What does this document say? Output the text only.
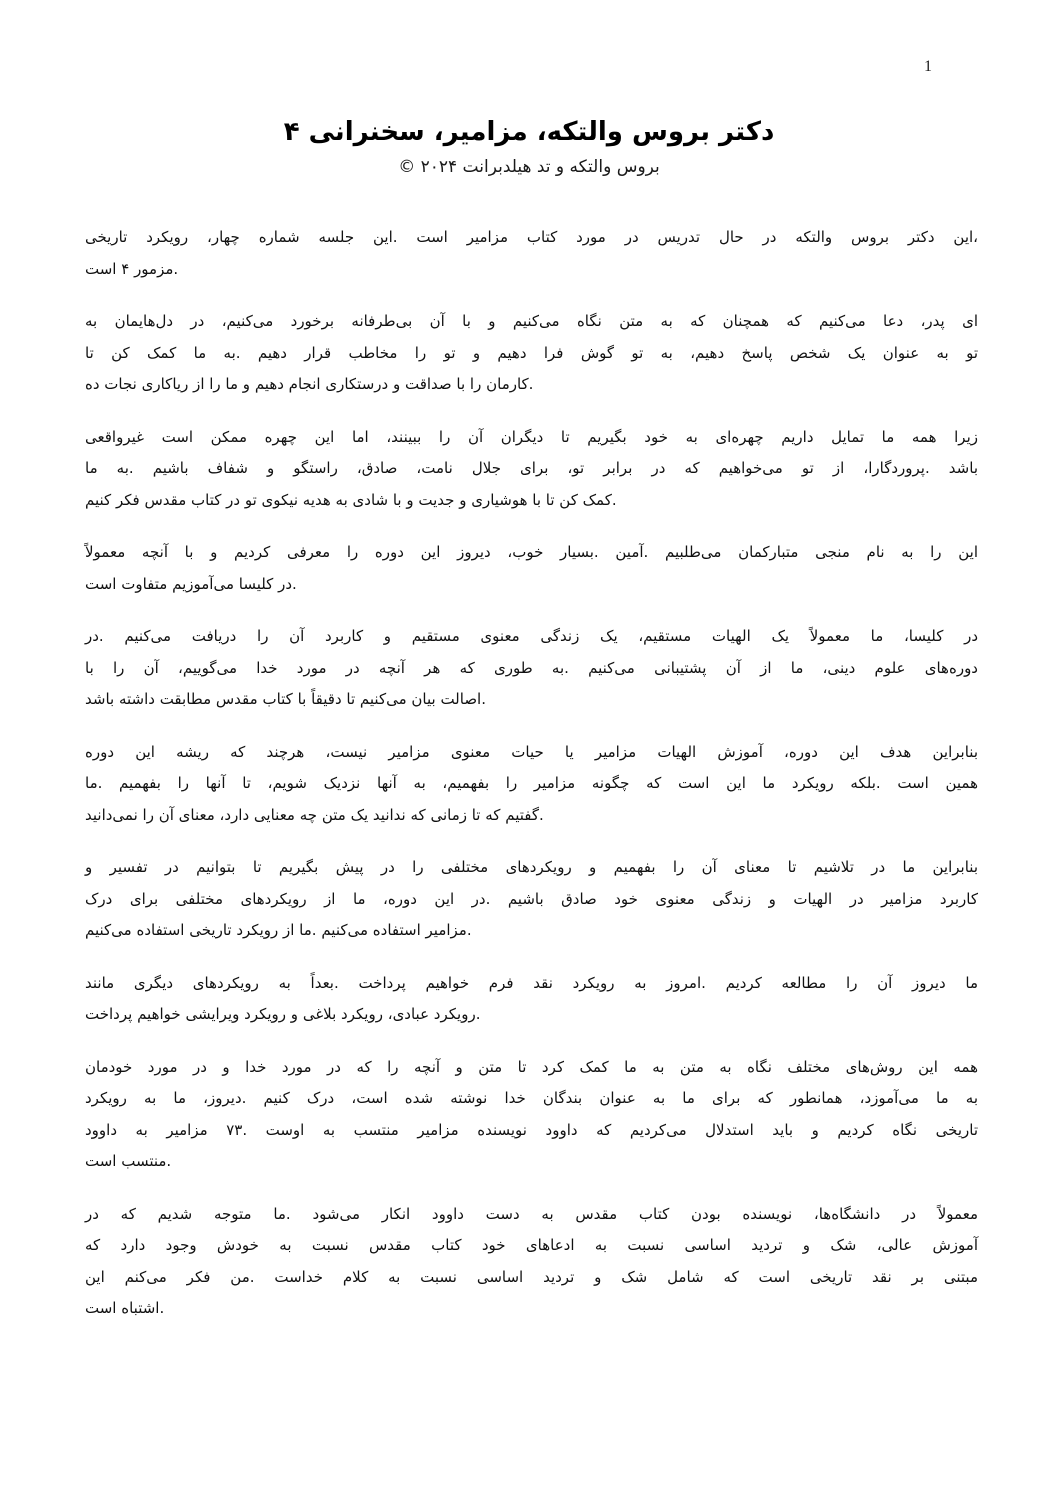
1
دکتر بروس والتکه، مزامیر، سخنرانی ۴

بروس والتکه و تد هیلدبرانت ۲۰۲۴ ©

،این دکتر بروس والتکه در حال تدریس در مورد کتاب مزامیر است .این جلسه شماره چهار، رویکرد تاریخی
.مزمور ۴ است
ای پدر، دعا می‌کنیم که همچنان که به متن نگاه می‌کنیم و با آن بی‌طرفانه برخورد می‌کنیم، در دل‌هایمان به
تو به عنوان یک شخص پاسخ دهیم، به تو گوش فرا دهیم و تو را مخاطب قرار دهیم .به ما کمک کن تا
.کارمان را با صداقت و درستکاری انجام دهیم و ما را از ریاکاری نجات ده
زیرا همه ما تمایل داریم چهره‌ای به خود بگیریم تا دیگران آن را ببینند، اما این چهره ممکن است غیرواقعی
باشد .پروردگارا، از تو می‌خواهیم که در برابر تو، برای جلال نامت، صادق، راستگو و شفاف باشیم .به ما
.کمک کن تا با هوشیاری و جدیت و با شادی به هدیه نیکوی تو در کتاب مقدس فکر کنیم
این را به نام منجی متبارکمان می‌طلبیم .آمین .بسیار خوب، دیروز این دوره را معرفی کردیم و با آنچه معمولاً
.در کلیسا می‌آموزیم متفاوت است
در کلیسا، ما معمولاً یک الهیات مستقیم، یک زندگی معنوی مستقیم و کاربرد آن را دریافت می‌کنیم .در
دوره‌های علوم دینی، ما از آن پشتیبانی می‌کنیم .به طوری که هر آنچه در مورد خدا می‌گوییم، آن را با
.اصالت بیان می‌کنیم تا دقیقاً با کتاب مقدس مطابقت داشته باشد
بنابراین هدف این دوره، آموزش الهیات مزامیر یا حیات معنوی مزامیر نیست، هرچند که ریشه این دوره
همین است .بلکه رویکرد ما این است که چگونه مزامیر را بفهمیم، به آنها نزدیک شویم، تا آنها را بفهمیم .ما
.گفتیم که تا زمانی که ندانید یک متن چه معنایی دارد، معنای آن را نمی‌دانید
بنابراین ما در تلاشیم تا معنای آن را بفهمیم و رویکردهای مختلفی را در پیش بگیریم تا بتوانیم در تفسیر و
کاربرد مزامیر در الهیات و زندگی معنوی خود صادق باشیم .در این دوره، ما از رویکردهای مختلفی برای درک
.مزامیر استفاده می‌کنیم .ما از رویکرد تاریخی استفاده می‌کنیم
ما دیروز آن را مطالعه کردیم .امروز به رویکرد نقد فرم خواهیم پرداخت .بعداً به رویکردهای دیگری مانند
.رویکرد عبادی، رویکرد بلاغی و رویکرد ویرایشی خواهیم پرداخت
همه این روش‌های مختلف نگاه به متن به ما کمک کرد تا متن و آنچه را که در مورد خدا و در مورد خودمان
به ما می‌آموزد، همانطور که برای ما به عنوان بندگان خدا نوشته شده است، درک کنیم .دیروز، ما به رویکرد
تاریخی نگاه کردیم و باید استدلال می‌کردیم که داوود نویسنده مزامیر منتسب به اوست .۷۳ مزامیر به داوود
.منتسب است
معمولاً در دانشگاه‌ها، نویسنده بودن کتاب مقدس به دست داوود انکار می‌شود .ما متوجه شدیم که در
آموزش عالی، شک و تردید اساسی نسبت به ادعاهای خود کتاب مقدس نسبت به خودش وجود دارد که
مبتنی بر نقد تاریخی است که شامل شک و تردید اساسی نسبت به کلام خداست .من فکر می‌کنم این
.اشتباه است
